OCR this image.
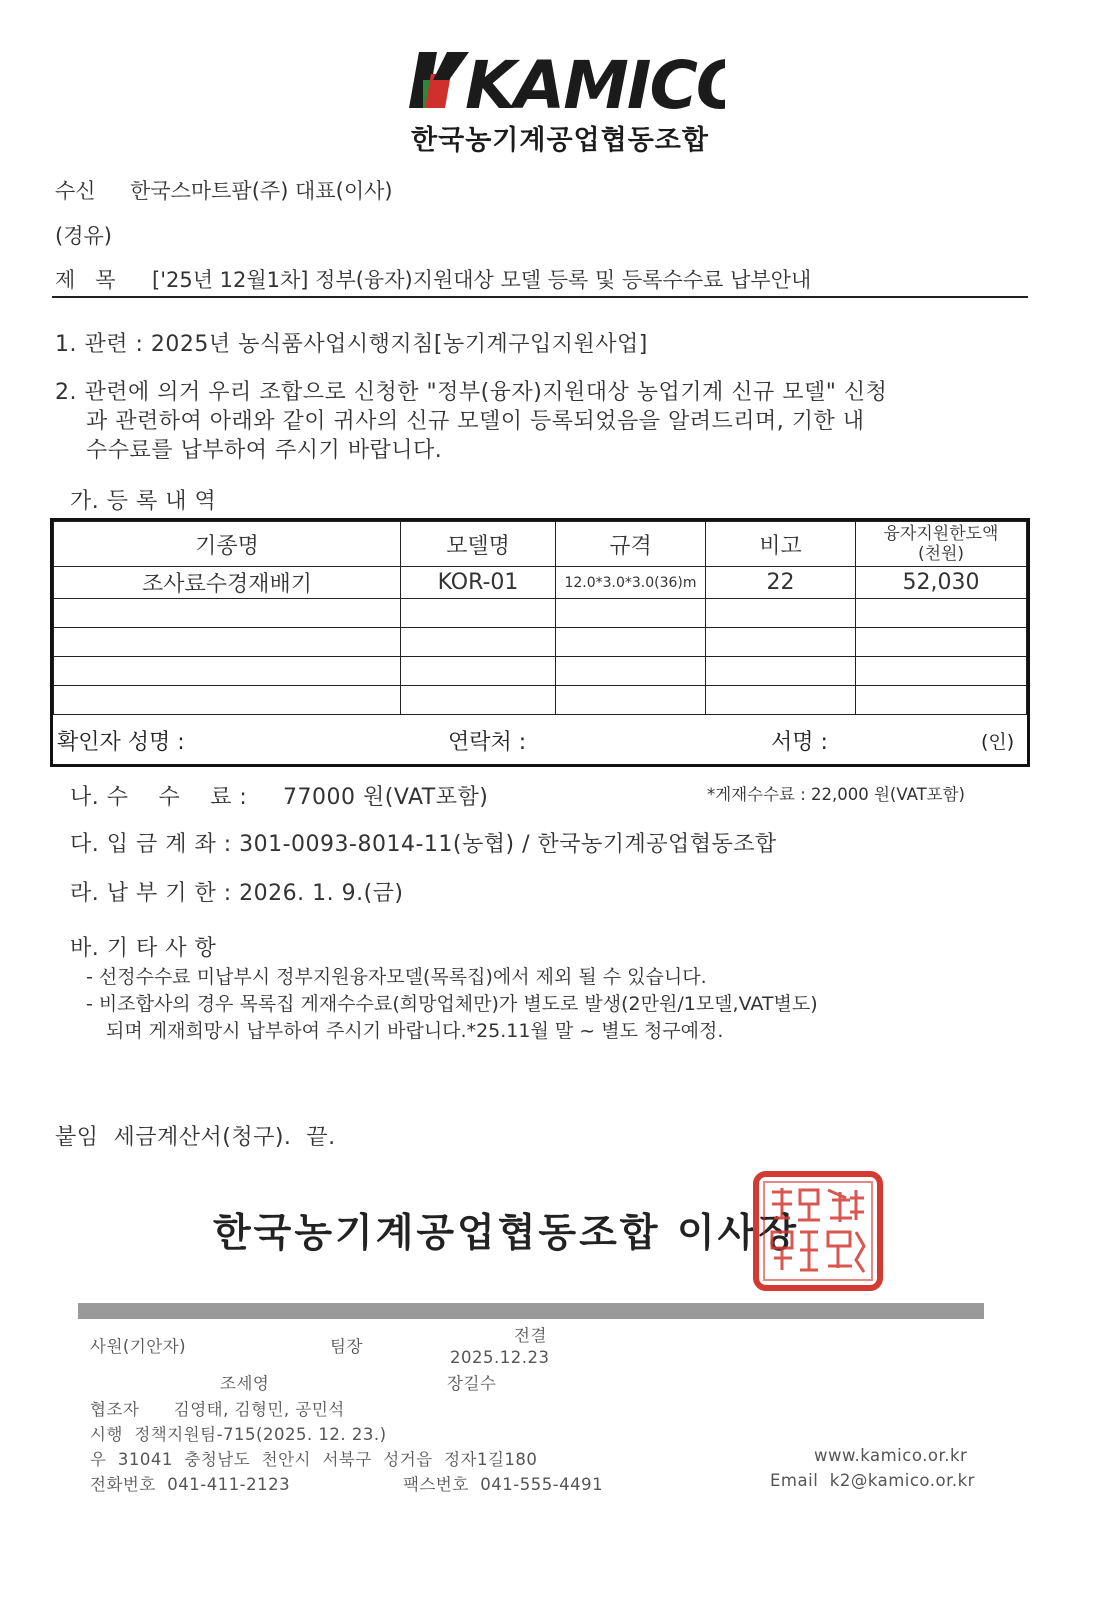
KAMICO
한국농기계공업협동조합
수신 한국스마트팜(주) 대표(이사)
(경유)
제   목 ['25년 12월1차] 정부(융자)지원대상 모델 등록 및 등록수수료 납부안내
1. 관련 : 2025년 농식품사업시행지침[농기계구입지원사업]
2. 관련에 의거 우리 조합으로 신청한 "정부(융자)지원대상 농업기계 신규 모델" 신청
과 관련하여 아래와 같이 귀사의 신규 모델이 등록되었음을 알려드리며, 기한 내
수수료를 납부하여 주시기 바랍니다.
가. 등 록 내 역
기종명	모델명	규격	비고	융자지원한도액
(천원)

조사료수경재배기	KOR-01	12.0*3.0*3.0(36)m	22	52,030

확인자 성명 :	연락처 :	서명 :	(인)
나. 수    수    료 : 77000 원(VAT포함)	*게재수수료 : 22,000 원(VAT포함)
다. 입 금 계 좌 : 301-0093-8014-11(농협) / 한국농기계공업협동조합
라. 납 부 기 한 : 2026. 1. 9.(금)
바. 기 타 사 항
- 선정수수료 미납부시 정부지원융자모델(목록집)에서 제외 될 수 있습니다.
- 비조합사의 경우 목록집 게재수수료(희망업체만)가 별도로 발생(2만원/1모델,VAT별도)
되며 게재희망시 납부하여 주시기 바랍니다.*25.11월 말 ~ 별도 청구예정.
붙임  세금계산서(청구).  끝.
한국농기계공업협동조합 이사장
사원(기안자)	팀장
전결
2025.12.23
조세영	장길수
협조자      김영태, 김형민, 공민석
시행  정책지원팀-715(2025. 12. 23.)
우  31041  충청남도  천안시  서북구  성거읍  정자1길180	www.kamico.or.kr
전화번호  041-411-2123	팩스번호  041-555-4491	Email  k2@kamico.or.kr
